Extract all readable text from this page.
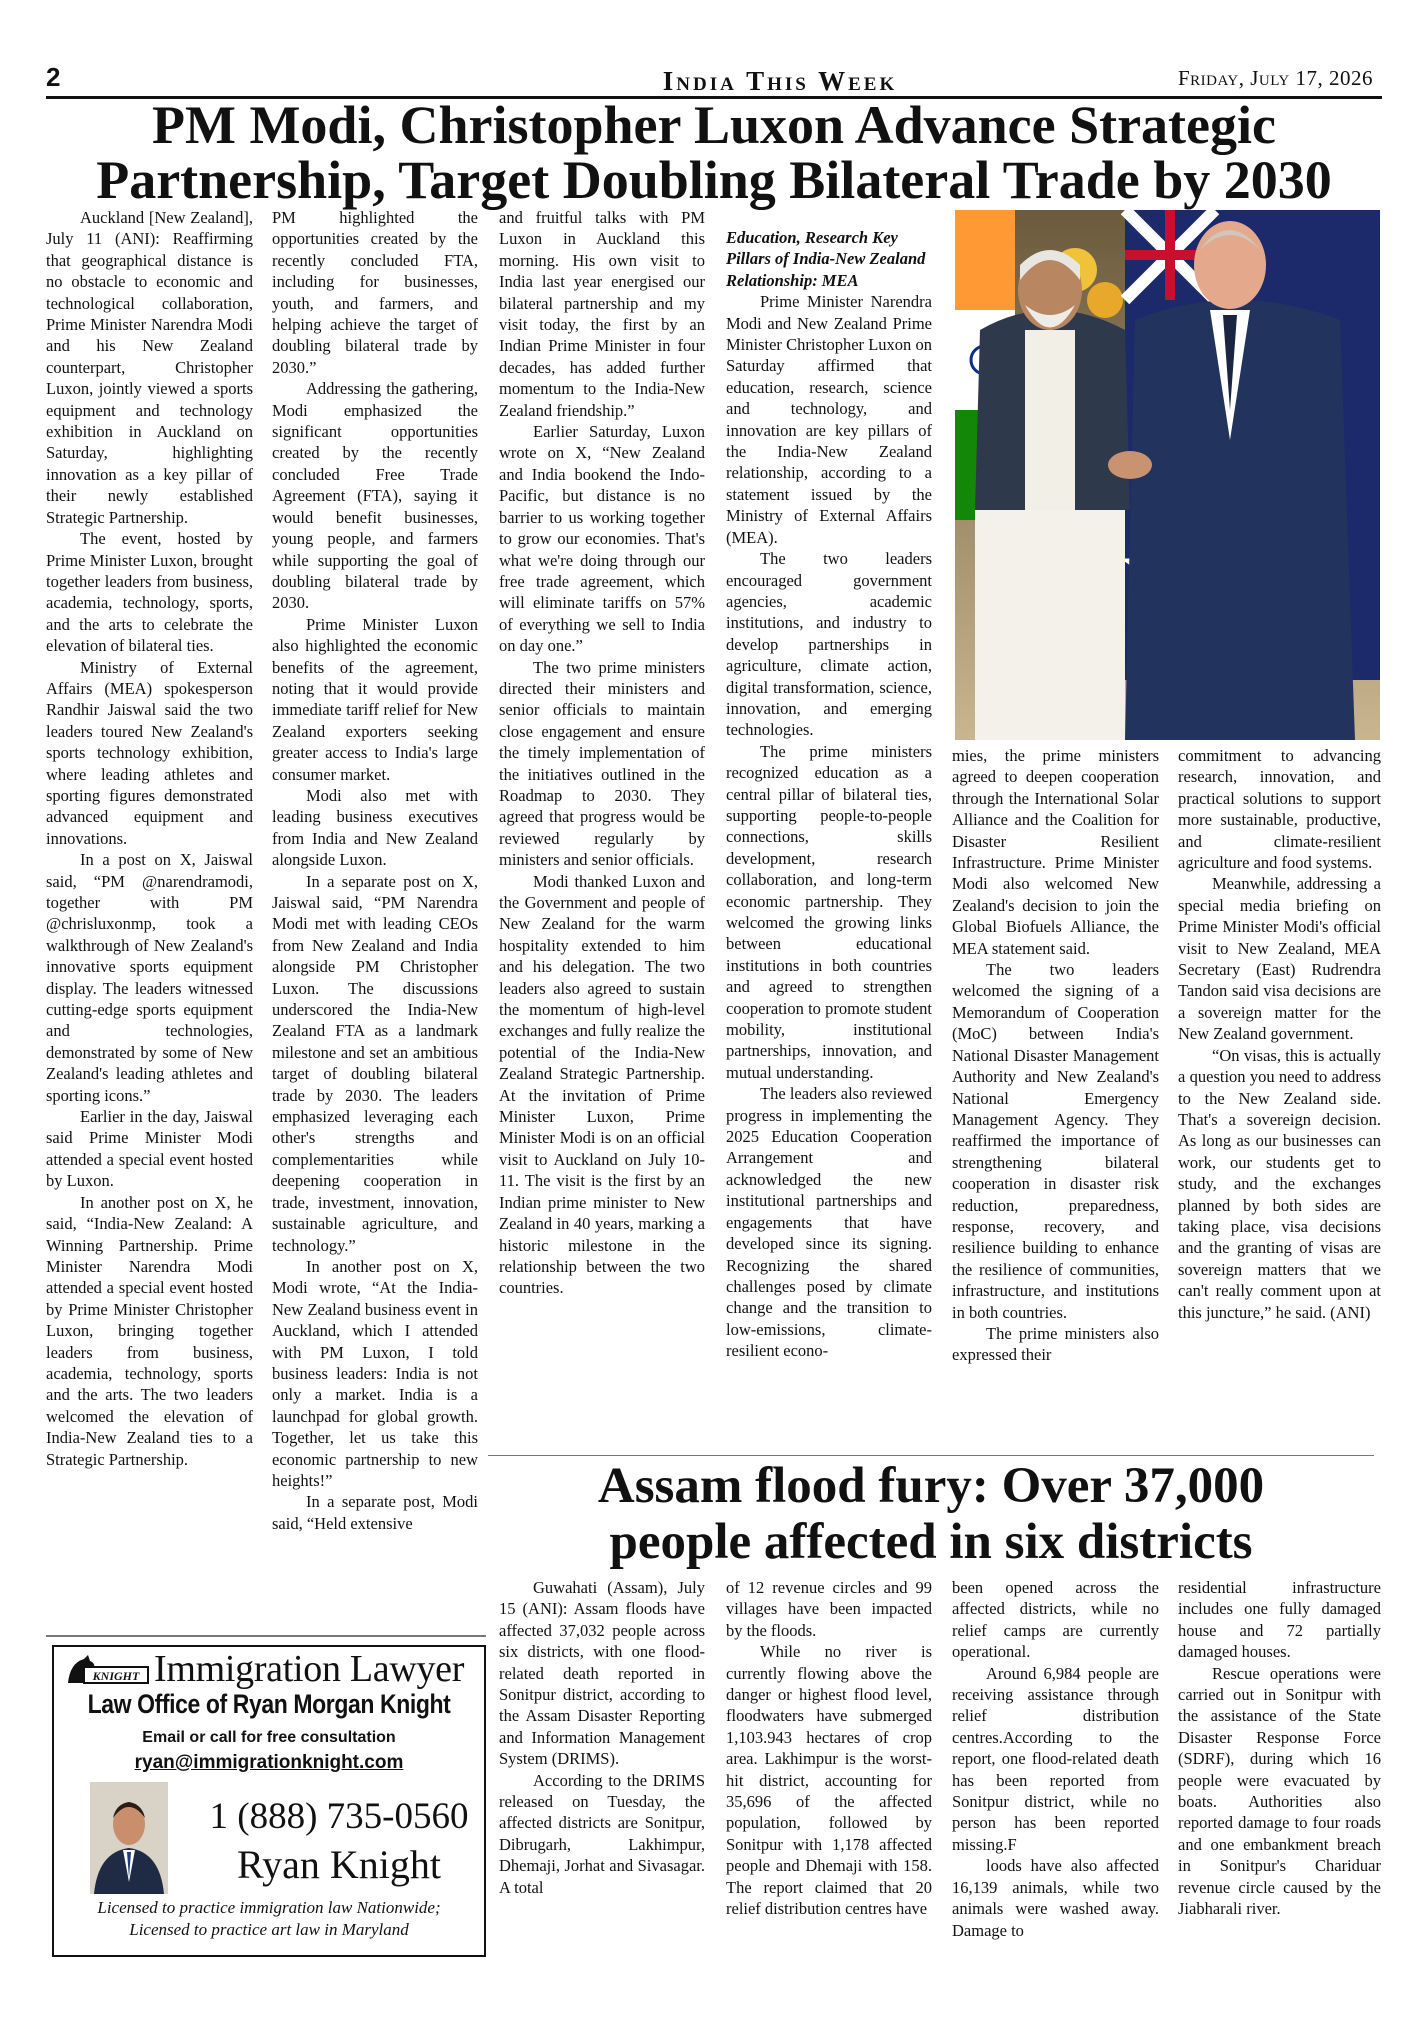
2	India This Week	Friday, July 17, 2026
PM Modi, Christopher Luxon Advance Strategic
Partnership, Target Doubling Bilateral Trade by 2030

Auckland [New Zealand], July 11 (ANI): Reaffirming that geographical distance is no obstacle to economic and technological collaboration, Prime Minister Narendra Modi and his New Zealand counterpart, Christopher Luxon, jointly viewed a sports equipment and technology exhibition in Auckland on Saturday, highlighting innovation as a key pillar of their newly established Strategic Partnership.

The event, hosted by Prime Minister Luxon, brought together leaders from business, academia, technology, sports, and the arts to celebrate the elevation of bilateral ties.

Ministry of External Affairs (MEA) spokesperson Randhir Jaiswal said the two leaders toured New Zealand's sports technology exhibition, where leading athletes and sporting figures demonstrated advanced equipment and innovations.

In a post on X, Jaiswal said, “PM @narendramodi, together with PM @chrisluxonmp, took a walkthrough of New Zealand's innovative sports equipment display. The leaders witnessed cutting-edge sports equipment and technologies, demonstrated by some of New Zealand's leading athletes and sporting icons.”

Earlier in the day, Jaiswal said Prime Minister Modi attended a special event hosted by Luxon.

In another post on X, he said, “India-New Zealand: A Winning Partnership. Prime Minister Narendra Modi attended a special event hosted by Prime Minister Christopher Luxon, bringing together leaders from business, academia, technology, sports and the arts. The two leaders welcomed the elevation of India-New Zealand ties to a Strategic Partnership.

PM highlighted the opportunities created by the recently concluded FTA, including for businesses, youth, and farmers, and helping achieve the target of doubling bilateral trade by 2030.”

Addressing the gathering, Modi emphasized the significant opportunities created by the recently concluded Free Trade Agreement (FTA), saying it would benefit businesses, young people, and farmers while supporting the goal of doubling bilateral trade by 2030.

Prime Minister Luxon also highlighted the economic benefits of the agreement, noting that it would provide immediate tariff relief for New Zealand exporters seeking greater access to India's large consumer market.

Modi also met with leading business executives from India and New Zealand alongside Luxon.

In a separate post on X, Jaiswal said, “PM Narendra Modi met with leading CEOs from New Zealand and India alongside PM Christopher Luxon. The discussions underscored the India-New Zealand FTA as a landmark milestone and set an ambitious target of doubling bilateral trade by 2030. The leaders emphasized leveraging each other's strengths and complementarities while deepening cooperation in trade, investment, innovation, sustainable agriculture, and technology.”

In another post on X, Modi wrote, “At the India-New Zealand business event in Auckland, which I attended with PM Luxon, I told business leaders: India is not only a market. India is a launchpad for global growth. Together, let us take this economic partnership to new heights!”

In a separate post, Modi said, “Held extensive

and fruitful talks with PM Luxon in Auckland this morning. His own visit to India last year energised our bilateral partnership and my visit today, the first by an Indian Prime Minister in four decades, has added further momentum to the India-New Zealand friendship.”

Earlier Saturday, Luxon wrote on X, “New Zealand and India bookend the Indo-Pacific, but distance is no barrier to us working together to grow our economies. That's what we're doing through our free trade agreement, which will eliminate tariffs on 57% of everything we sell to India on day one.”

The two prime ministers directed their ministers and senior officials to maintain close engagement and ensure the timely implementation of the initiatives outlined in the Roadmap to 2030. They agreed that progress would be reviewed regularly by ministers and senior officials.

Modi thanked Luxon and the Government and people of New Zealand for the warm hospitality extended to him and his delegation. The two leaders also agreed to sustain the momentum of high-level exchanges and fully realize the potential of the India-New Zealand Strategic Partnership. At the invitation of Prime Minister Luxon, Prime Minister Modi is on an official visit to Auckland on July 10-11. The visit is the first by an Indian prime minister to New Zealand in 40 years, marking a historic milestone in the relationship between the two countries.

Education, Research Key Pillars of India-New Zealand Relationship: MEA

Prime Minister Narendra Modi and New Zealand Prime Minister Christopher Luxon on Saturday affirmed that education, research, science and technology, and innovation are key pillars of the India-New Zealand relationship, according to a statement issued by the Ministry of External Affairs (MEA).

The two leaders encouraged government agencies, academic institutions, and industry to develop partnerships in agriculture, climate action, digital transformation, science, innovation, and emerging technologies.

The prime ministers recognized education as a central pillar of bilateral ties, supporting people-to-people connections, skills development, research collaboration, and long-term economic partnership. They welcomed the growing links between educational institutions in both countries and agreed to strengthen cooperation to promote student mobility, institutional partnerships, innovation, and mutual understanding.

The leaders also reviewed progress in implementing the 2025 Education Cooperation Arrangement and acknowledged the new institutional partnerships and engagements that have developed since its signing. Recognizing the shared challenges posed by climate change and the transition to low-emissions, climate-resilient econo-

mies, the prime ministers agreed to deepen cooperation through the International Solar Alliance and the Coalition for Disaster Resilient Infrastructure. Prime Minister Modi also welcomed New Zealand's decision to join the Global Biofuels Alliance, the MEA statement said.

The two leaders welcomed the signing of a Memorandum of Cooperation (MoC) between India's National Disaster Management Authority and New Zealand's National Emergency Management Agency. They reaffirmed the importance of strengthening bilateral cooperation in disaster risk reduction, preparedness, response, recovery, and resilience building to enhance the resilience of communities, infrastructure, and institutions in both countries.

The prime ministers also expressed their

commitment to advancing research, innovation, and practical solutions to support more sustainable, productive, and climate-resilient agriculture and food systems.

Meanwhile, addressing a special media briefing on Prime Minister Modi's official visit to New Zealand, MEA Secretary (East) Rudrendra Tandon said visa decisions are a sovereign matter for the New Zealand government.

“On visas, this is actually a question you need to address to the New Zealand side. That's a sovereign decision. As long as our businesses can work, our students get to study, and the exchanges planned by both sides are taking place, visa decisions and the granting of visas are sovereign matters that we can't really comment upon at this juncture,” he said. (ANI)

Assam flood fury: Over 37,000
people affected in six districts

Guwahati (Assam), July 15 (ANI): Assam floods have affected 37,032 people across six districts, with one flood-related death reported in Sonitpur district, according to the Assam Disaster Reporting and Information Management System (DRIMS).

According to the DRIMS released on Tuesday, the affected districts are Sonitpur, Dibrugarh, Lakhimpur, Dhemaji, Jorhat and Sivasagar. A total

of 12 revenue circles and 99 villages have been impacted by the floods.

While no river is currently flowing above the danger or highest flood level, floodwaters have submerged 1,103.943 hectares of crop area. Lakhimpur is the worst-hit district, accounting for 35,696 of the affected population, followed by Sonitpur with 1,178 affected people and Dhemaji with 158. The report claimed that 20 relief distribution centres have

been opened across the affected districts, while no relief camps are currently operational.

Around 6,984 people are receiving assistance through relief distribution centres.According to the report, one flood-related death has been reported from Sonitpur district, while no person has been reported missing.F

loods have also affected 16,139 animals, while two animals were washed away. Damage to

residential infrastructure includes one fully damaged house and 72 partially damaged houses.

Rescue operations were carried out in Sonitpur with the assistance of the State Disaster Response Force (SDRF), during which 16 people were evacuated by boats. Authorities also reported damage to four roads and one embankment breach in Sonitpur's Chariduar revenue circle caused by the Jiabharali river.

KNIGHT Immigration Lawyer
Law Office of Ryan Morgan Knight
Email or call for free consultation
ryan@immigrationknight.com
1 (888) 735-0560
Ryan Knight
Licensed to practice immigration law Nationwide;
Licensed to practice art law in Maryland
